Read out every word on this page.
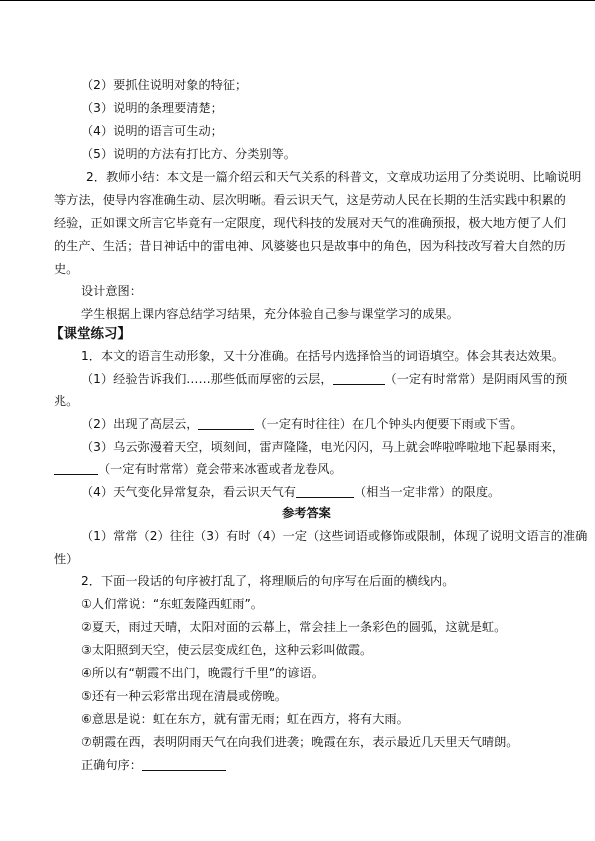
（2）要抓住说明对象的特征；
（3）说明的条理要清楚；
（4）说明的语言可生动；
（5）说明的方法有打比方、分类别等。
2．教师小结：本文是一篇介绍云和天气关系的科普文，文章成功运用了分类说明、比喻说明
等方法，使导内容准确生动、层次明晰。看云识天气，这是劳动人民在长期的生活实践中积累的
经验，正如课文所言它毕竟有一定限度，现代科技的发展对天气的准确预报，极大地方便了人们
的生产、生活；昔日神话中的雷电神、风婆婆也只是故事中的角色，因为科技改写着大自然的历
史。
设计意图：
学生根据上课内容总结学习结果，充分体验自己参与课堂学习的成果。
【课堂练习】
1．本文的语言生动形象，又十分准确。在括号内选择恰当的词语填空。体会其表达效果。
（1）经验告诉我们……那些低而厚密的云层，	（一定有时常常）是阴雨风雪的预
兆。
（2）出现了高层云，	（一定有时往往）在几个钟头内便要下雨或下雪。
（3）乌云弥漫着天空，顷刻间，雷声隆隆，电光闪闪，马上就会哗啦哗啦地下起暴雨来，
（一定有时常常）竟会带来冰雹或者龙卷风。
（4）天气变化异常复杂，看云识天气有	（相当一定非常）的限度。
参考答案
（1）常常（2）往往（3）有时（4）一定（这些词语或修饰或限制，体现了说明文语言的准确
性）
2．下面一段话的句序被打乱了，将理顺后的句序写在后面的横线内。
①人们常说：“东虹轰隆西虹雨”。
②夏天，雨过天晴，太阳对面的云幕上，常会挂上一条彩色的圆弧，这就是虹。
③太阳照到天空，使云层变成红色，这种云彩叫做霞。
④所以有“朝霞不出门，晚霞行千里”的谚语。
⑤还有一种云彩常出现在清晨或傍晚。
⑥意思是说：虹在东方，就有雷无雨；虹在西方，将有大雨。
⑦朝霞在西，表明阴雨天气在向我们进袭；晚霞在东，表示最近几天里天气晴朗。
正确句序：
